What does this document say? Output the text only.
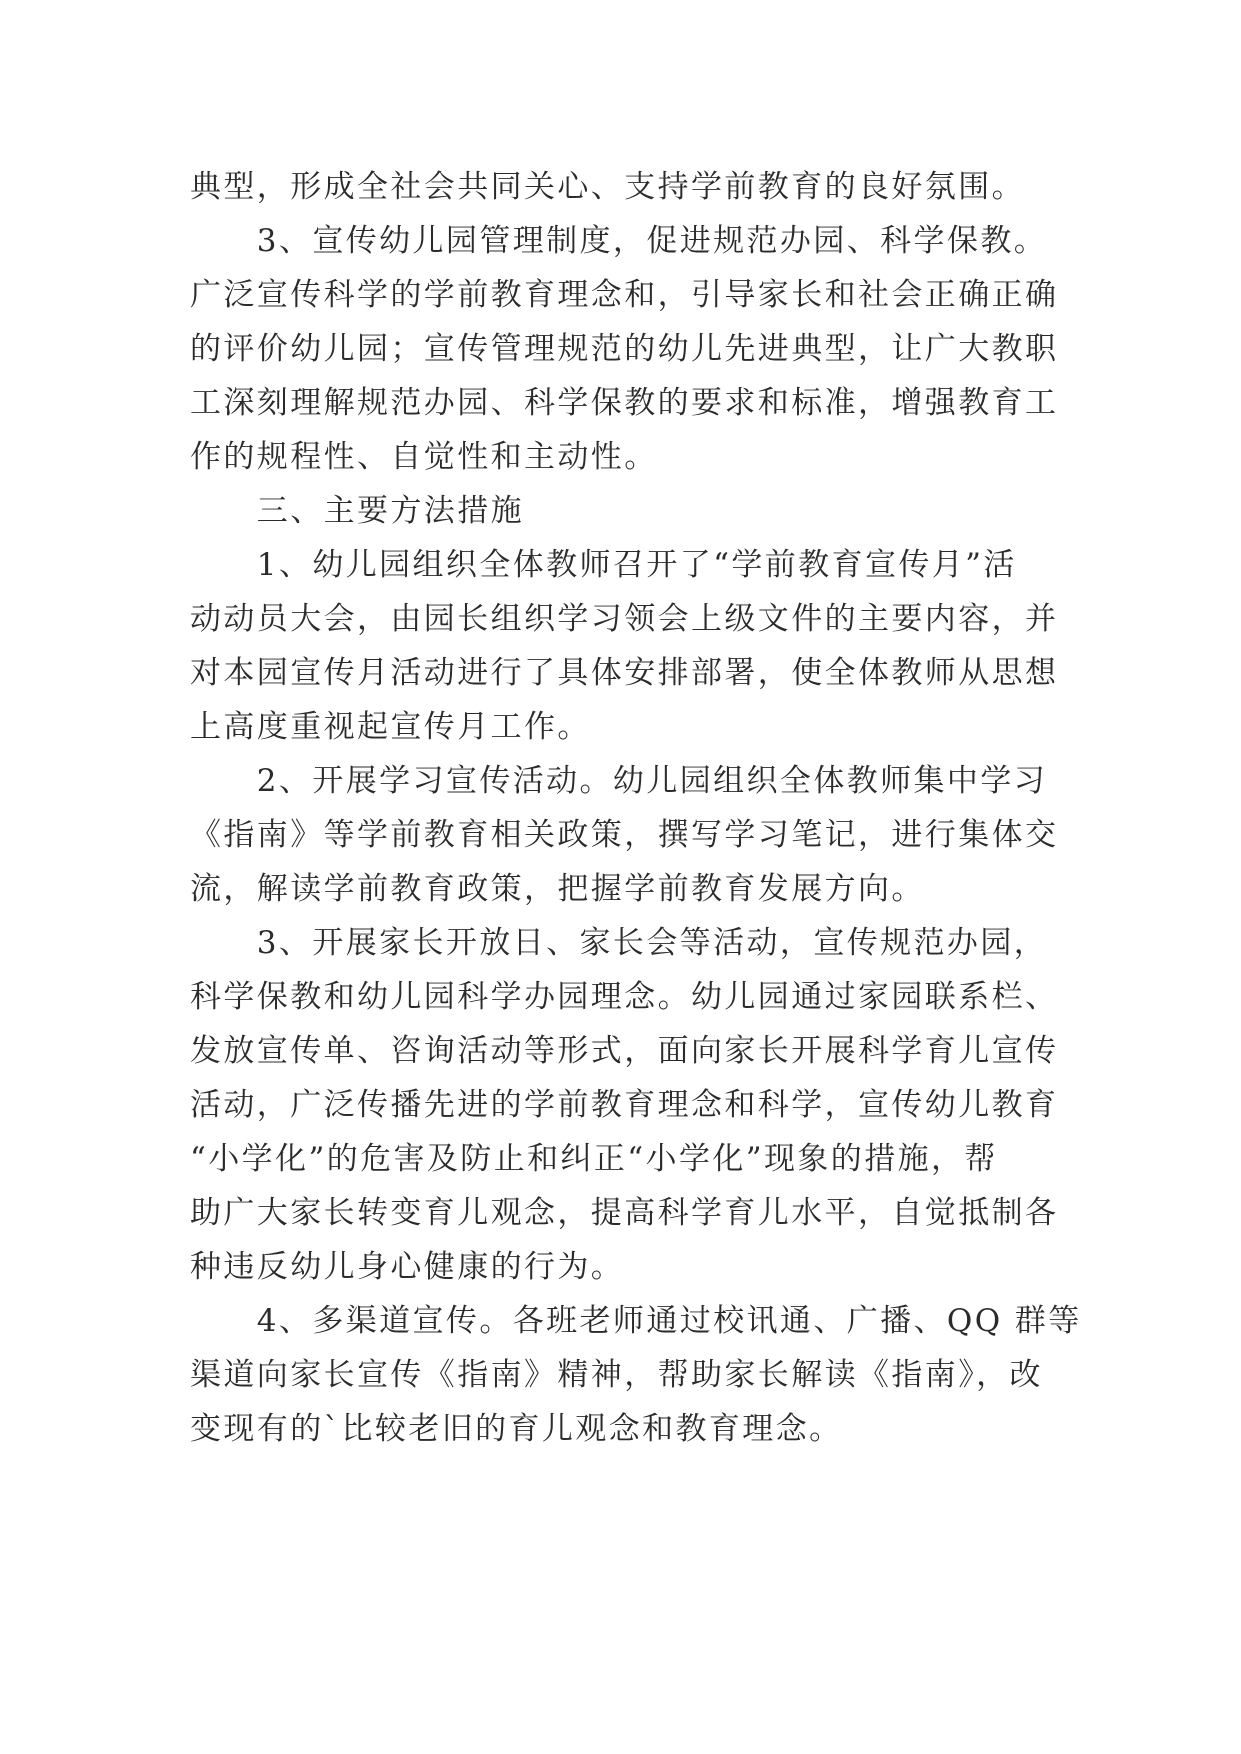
典型，形成全社会共同关心、支持学前教育的良好氛围。
　　3、宣传幼儿园管理制度，促进规范办园、科学保教。
广泛宣传科学的学前教育理念和，引导家长和社会正确正确
的评价幼儿园；宣传管理规范的幼儿先进典型，让广大教职
工深刻理解规范办园、科学保教的要求和标准，增强教育工
作的规程性、自觉性和主动性。
　　三、主要方法措施
　　1、幼儿园组织全体教师召开了“学前教育宣传月”活
动动员大会，由园长组织学习领会上级文件的主要内容，并
对本园宣传月活动进行了具体安排部署，使全体教师从思想
上高度重视起宣传月工作。
　　2、开展学习宣传活动。幼儿园组织全体教师集中学习
《指南》等学前教育相关政策，撰写学习笔记，进行集体交
流，解读学前教育政策，把握学前教育发展方向。
　　3、开展家长开放日、家长会等活动，宣传规范办园，
科学保教和幼儿园科学办园理念。幼儿园通过家园联系栏、
发放宣传单、咨询活动等形式，面向家长开展科学育儿宣传
活动，广泛传播先进的学前教育理念和科学，宣传幼儿教育
“小学化”的危害及防止和纠正“小学化”现象的措施，帮
助广大家长转变育儿观念，提高科学育儿水平，自觉抵制各
种违反幼儿身心健康的行为。
　　4、多渠道宣传。各班老师通过校讯通、广播、QQ 群等
渠道向家长宣传《指南》精神，帮助家长解读《指南》，改
变现有的`比较老旧的育儿观念和教育理念。
